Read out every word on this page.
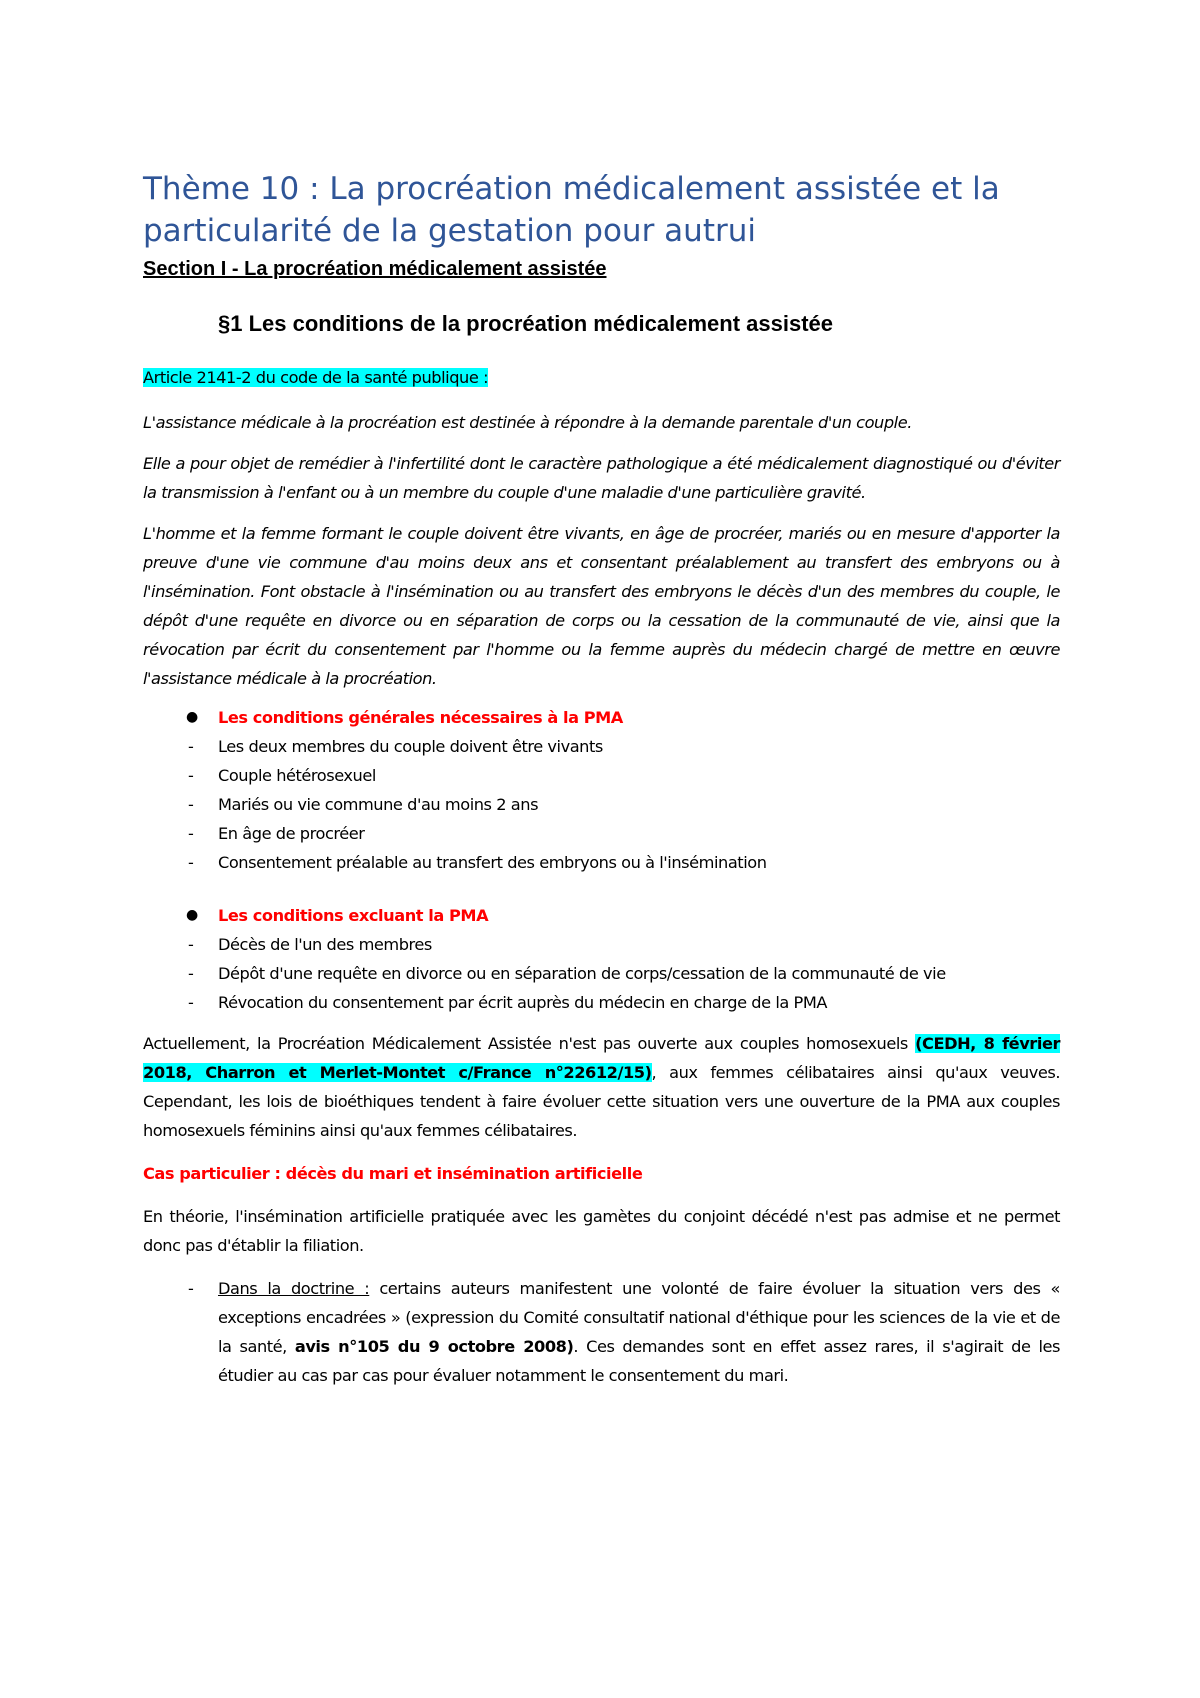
Thème 10 : La procréation médicalement assistée et la particularité de la gestation pour autrui
Section I - La procréation médicalement assistée
§1 Les conditions de la procréation médicalement assistée

Article 2141-2 du code de la santé publique :

L'assistance médicale à la procréation est destinée à répondre à la demande parentale d'un couple.

Elle a pour objet de remédier à l'infertilité dont le caractère pathologique a été médicalement diagnostiqué ou d'éviter la transmission à l'enfant ou à un membre du couple d'une maladie d'une particulière gravité.

L'homme et la femme formant le couple doivent être vivants, en âge de procréer, mariés ou en mesure d'apporter la preuve d'une vie commune d'au moins deux ans et consentant préalablement au transfert des embryons ou à l'insémination. Font obstacle à l'insémination ou au transfert des embryons le décès d'un des membres du couple, le dépôt d'une requête en divorce ou en séparation de corps ou la cessation de la communauté de vie, ainsi que la révocation par écrit du consentement par l'homme ou la femme auprès du médecin chargé de mettre en œuvre l'assistance médicale à la procréation.

● Les conditions générales nécessaires à la PMA
- Les deux membres du couple doivent être vivants
- Couple hétérosexuel
- Mariés ou vie commune d'au moins 2 ans
- En âge de procréer
- Consentement préalable au transfert des embryons ou à l'insémination
● Les conditions excluant la PMA
- Décès de l'un des membres
- Dépôt d'une requête en divorce ou en séparation de corps/cessation de la communauté de vie
- Révocation du consentement par écrit auprès du médecin en charge de la PMA

Actuellement, la Procréation Médicalement Assistée n'est pas ouverte aux couples homosexuels (CEDH, 8 février 2018, Charron et Merlet-Montet c/France n°22612/15), aux femmes célibataires ainsi qu'aux veuves. Cependant, les lois de bioéthiques tendent à faire évoluer cette situation vers une ouverture de la PMA aux couples homosexuels féminins ainsi qu'aux femmes célibataires.

Cas particulier : décès du mari et insémination artificielle

En théorie, l'insémination artificielle pratiquée avec les gamètes du conjoint décédé n'est pas admise et ne permet donc pas d'établir la filiation.

- Dans la doctrine : certains auteurs manifestent une volonté de faire évoluer la situation vers des « exceptions encadrées » (expression du Comité consultatif national d'éthique pour les sciences de la vie et de la santé, avis n°105 du 9 octobre 2008). Ces demandes sont en effet assez rares, il s'agirait de les étudier au cas par cas pour évaluer notamment le consentement du mari.
